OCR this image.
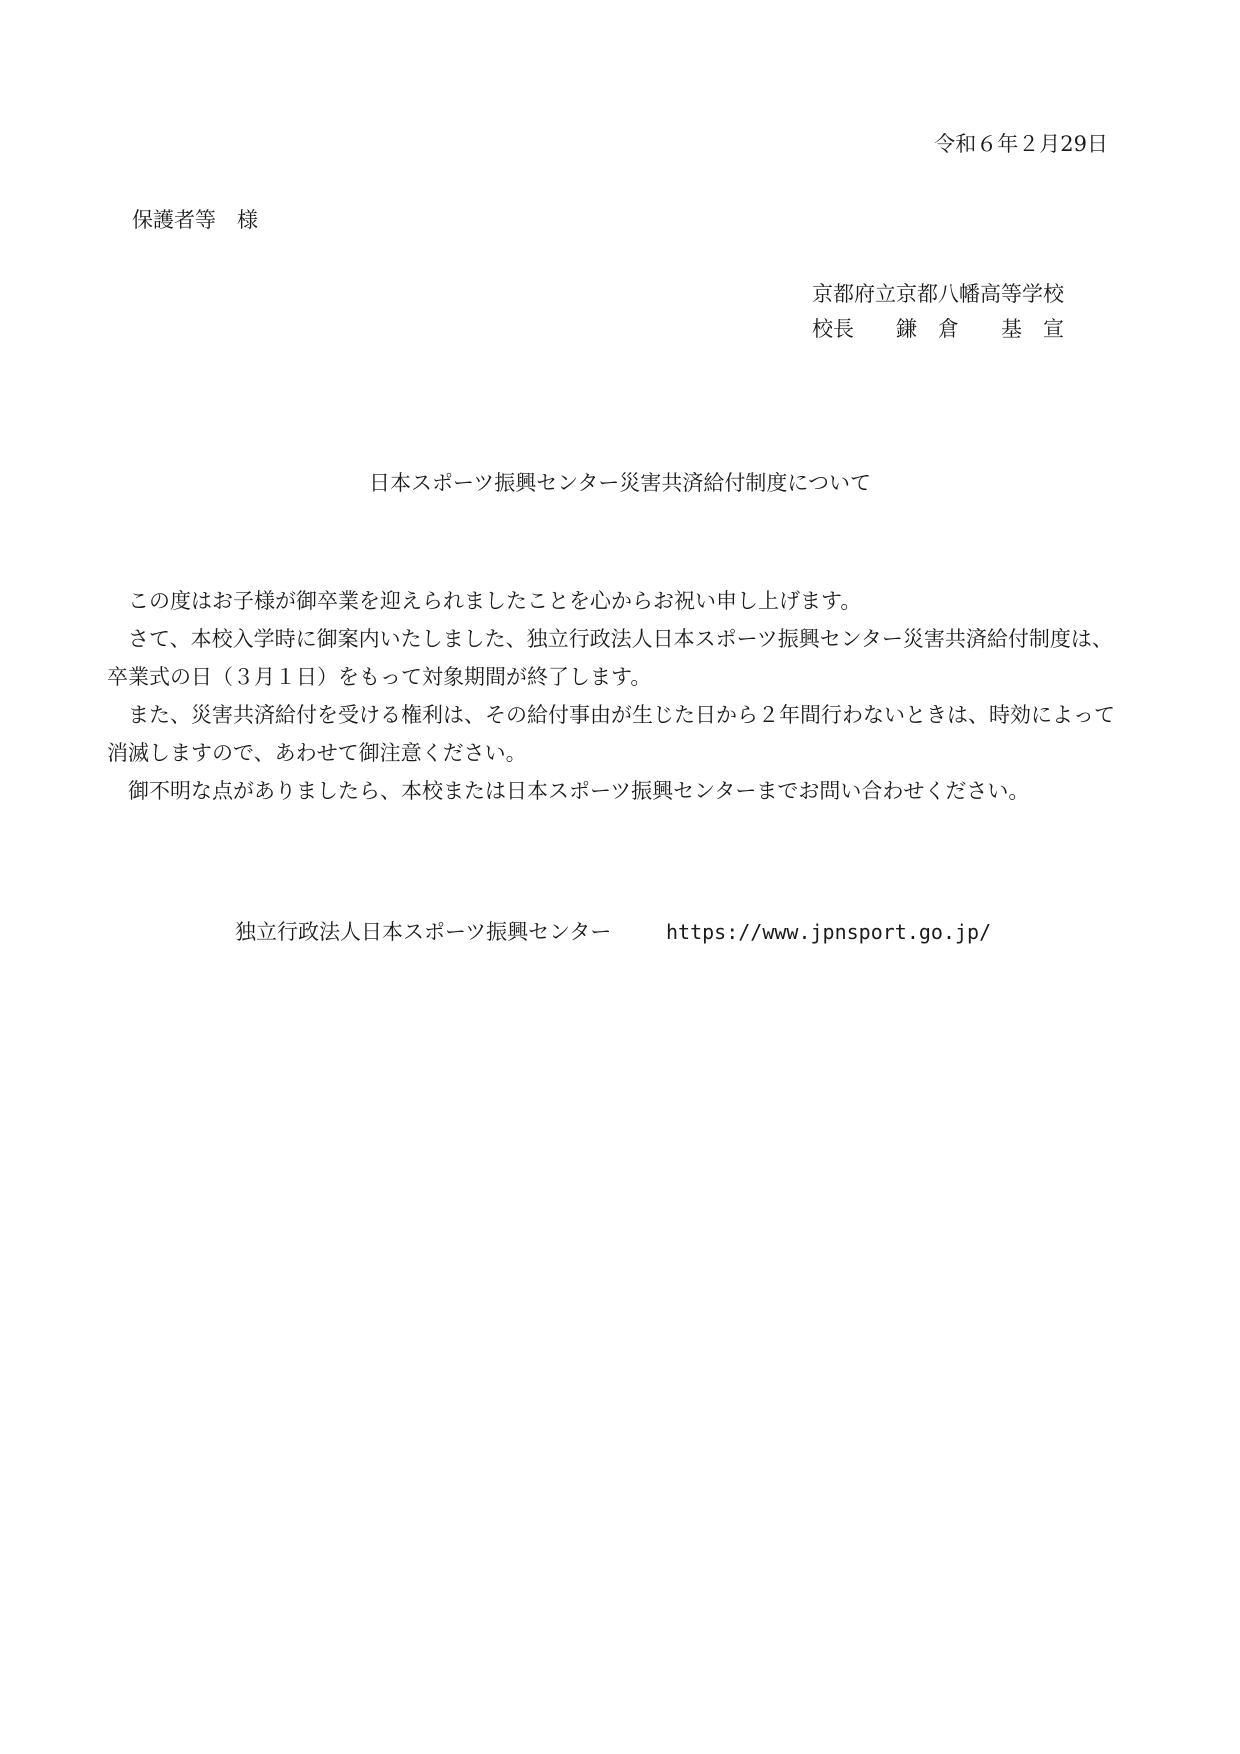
令和６年２月29日
保護者等　様
京都府立京都八幡高等学校
校長　　鎌　倉　　基　宣
日本スポーツ振興センター災害共済給付制度について

この度はお子様が御卒業を迎えられましたことを心からお祝い申し上げます。

さて、本校入学時に御案内いたしました、独立行政法人日本スポーツ振興センター災害共済給付制度は、卒業式の日（３月１日）をもって対象期間が終了します。

また、災害共済給付を受ける権利は、その給付事由が生じた日から２年間行わないときは、時効によって消滅しますので、あわせて御注意ください。

御不明な点がありましたら、本校または日本スポーツ振興センターまでお問い合わせください。

独立行政法人日本スポーツ振興センター	https://www.jpnsport.go.jp/
